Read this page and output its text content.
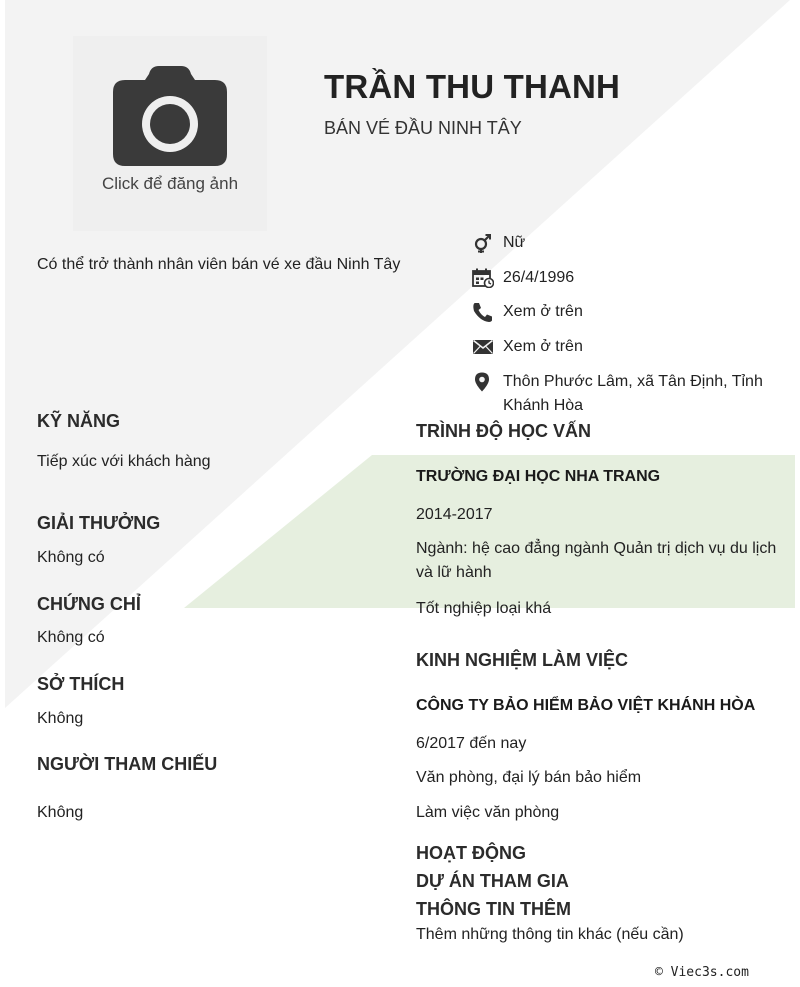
Click để đăng ảnh
TRẦN THU THANH
BÁN VÉ ĐẦU NINH TÂY
Có thể trở thành nhân viên bán vé xe đầu Ninh Tây
Nữ
26/4/1996
Xem ở trên
Xem ở trên
Thôn Phước Lâm, xã Tân Định, Tỉnh Khánh Hòa
KỸ NĂNG
Tiếp xúc với khách hàng
GIẢI THƯỞNG
Không có
CHỨNG CHỈ
Không có
SỞ THÍCH
Không
NGƯỜI THAM CHIẾU
Không
TRÌNH ĐỘ HỌC VẤN
TRƯỜNG ĐẠI HỌC NHA TRANG
2014-2017
Ngành: hệ cao đẳng ngành Quản trị dịch vụ du lịch và lữ hành
Tốt nghiệp loại khá
KINH NGHIỆM LÀM VIỆC
CÔNG TY BẢO HIỂM BẢO VIỆT KHÁNH HÒA
6/2017 đến nay
Văn phòng, đại lý bán bảo hiểm
Làm việc văn phòng
HOẠT ĐỘNG
DỰ ÁN THAM GIA
THÔNG TIN THÊM
Thêm những thông tin khác (nếu cần)
© Viec3s.com
